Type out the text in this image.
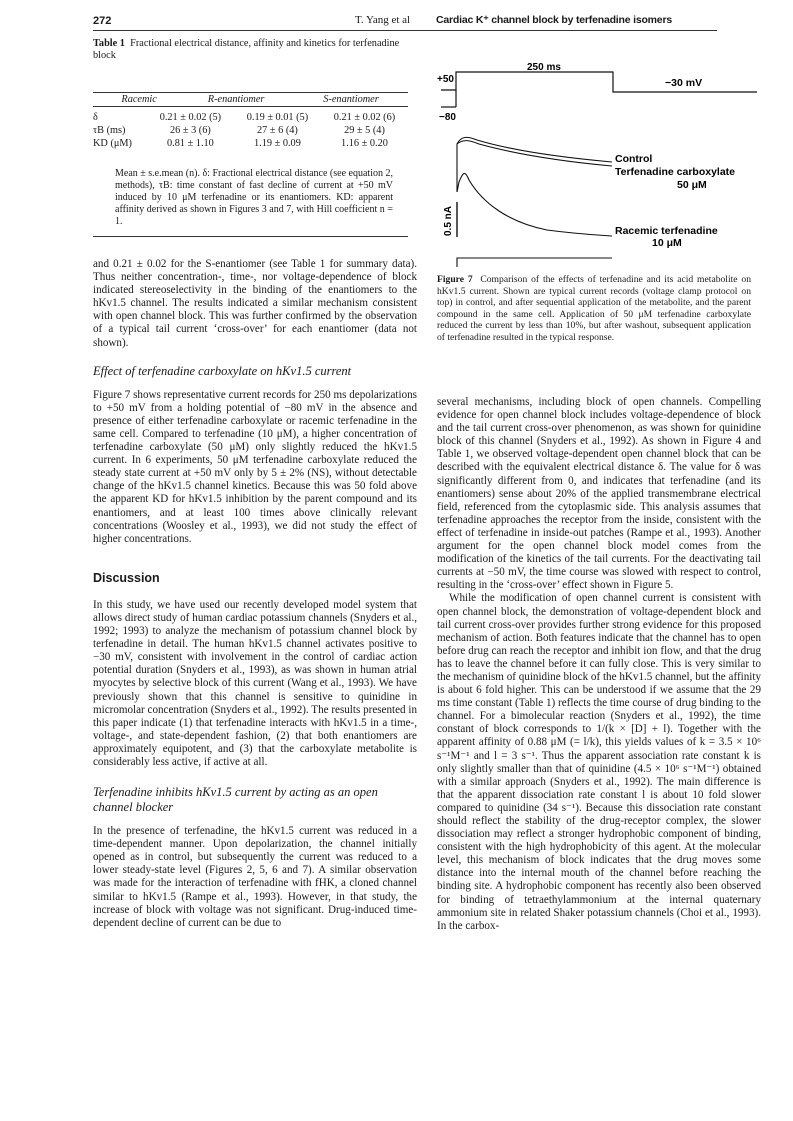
272	T. Yang et al Cardiac K⁺ channel block by terfenadine isomers
Table 1 Fractional electrical distance, affinity and kinetics for terfenadine block
	Racemic	R-enantiomer	S-enantiomer
δ	0.21 ± 0.02 (5)	0.19 ± 0.01 (5)	0.21 ± 0.02 (6)
τB (ms)	26 ± 3 (6)	27 ± 6 (4)	29 ± 5 (4)
KD (μM)	0.81 ± 1.10	1.19 ± 0.09	1.16 ± 0.20
Mean ± s.e.mean (n). δ: Fractional electrical distance (see equation 2, methods), τB: time constant of fast decline of current at +50 mV induced by 10 μM terfenadine or its enantiomers. KD: apparent affinity derived as shown in Figures 3 and 7, with Hill coefficient n = 1.

and 0.21 ± 0.02 for the S-enantiomer (see Table 1 for summary data). Thus neither concentration-, time-, nor voltage-dependence of block indicated stereoselectivity in the binding of the enantiomers to the hKv1.5 channel. The results indicated a similar mechanism consistent with open channel block. This was further confirmed by the observation of a typical tail current ‘cross-over’ for each enantiomer (data not shown).

Effect of terfenadine carboxylate on hKv1.5 current

Figure 7 shows representative current records for 250 ms depolarizations to +50 mV from a holding potential of −80 mV in the absence and presence of either terfenadine carboxylate or racemic terfenadine in the same cell. Compared to terfenadine (10 μM), a higher concentration of terfenadine carboxylate (50 μM) only slightly reduced the hKv1.5 current. In 6 experiments, 50 μM terfenadine carboxylate reduced the steady state current at +50 mV only by 5 ± 2% (NS), without detectable change of the hKv1.5 channel kinetics. Because this was 50 fold above the apparent KD for hKv1.5 inhibition by the parent compound and its enantiomers, and at least 100 times above clinically relevant concentrations (Woosley et al., 1993), we did not study the effect of higher concentrations.

Discussion

In this study, we have used our recently developed model system that allows direct study of human cardiac potassium channels (Snyders et al., 1992; 1993) to analyze the mechanism of potassium channel block by terfenadine in detail. The human hKv1.5 channel activates positive to −30 mV, consistent with involvement in the control of cardiac action potential duration (Snyders et al., 1993), as was shown in human atrial myocytes by selective block of this current (Wang et al., 1993). We have previously shown that this channel is sensitive to quinidine in micromolar concentration (Snyders et al., 1992). The results presented in this paper indicate (1) that terfenadine interacts with hKv1.5 in a time-, voltage-, and state-dependent fashion, (2) that both enantiomers are approximately equipotent, and (3) that the carboxylate metabolite is considerably less active, if active at all.

Terfenadine inhibits hKv1.5 current by acting as an open channel blocker

In the presence of terfenadine, the hKv1.5 current was reduced in a time-dependent manner. Upon depolarization, the channel initially opened as in control, but subsequently the current was reduced to a lower steady-state level (Figures 2, 5, 6 and 7). A similar observation was made for the interaction of terfenadine with fHK, a cloned channel similar to hKv1.5 (Rampe et al., 1993). However, in that study, the increase of block with voltage was not significant. Drug-induced time-dependent decline of current can be due to

250 ms
+50
−80
−30 mV
0.5 nA
Control
Terfenadine carboxylate
50 μM
Racemic terfenadine
10 μM
Figure 7 Comparison of the effects of terfenadine and its acid metabolite on hKv1.5 current. Shown are typical current records (voltage clamp protocol on top) in control, and after sequential application of the metabolite, and the parent compound in the same cell. Application of 50 μM terfenadine carboxylate reduced the current by less than 10%, but after washout, subsequent application of terfenadine resulted in the typical response.

several mechanisms, including block of open channels. Compelling evidence for open channel block includes voltage-dependence of block and the tail current cross-over phenomenon, as was shown for quinidine block of this channel (Snyders et al., 1992). As shown in Figure 4 and Table 1, we observed voltage-dependent open channel block that can be described with the equivalent electrical distance δ. The value for δ was significantly different from 0, and indicates that terfenadine (and its enantiomers) sense about 20% of the applied transmembrane electrical field, referenced from the cytoplasmic side. This analysis assumes that terfenadine approaches the receptor from the inside, consistent with the effect of terfenadine in inside-out patches (Rampe et al., 1993). Another argument for the open channel block model comes from the modification of the kinetics of the tail currents. For the deactivating tail currents at −50 mV, the time course was slowed with respect to control, resulting in the ‘cross-over’ effect shown in Figure 5.

While the modification of open channel current is consistent with open channel block, the demonstration of voltage-dependent block and tail current cross-over provides further strong evidence for this proposed mechanism of action. Both features indicate that the channel has to open before drug can reach the receptor and inhibit ion flow, and that the drug has to leave the channel before it can fully close. This is very similar to the mechanism of quinidine block of the hKv1.5 channel, but the affinity is about 6 fold higher. This can be understood if we assume that the 29 ms time constant (Table 1) reflects the time course of drug binding to the channel. For a bimolecular reaction (Snyders et al., 1992), the time constant of block corresponds to 1/(k × [D] + l). Together with the apparent affinity of 0.88 μM (= l/k), this yields values of k = 3.5 × 10⁶ s⁻¹M⁻¹ and l = 3 s⁻¹. Thus the apparent association rate constant k is only slightly smaller than that of quinidine (4.5 × 10⁶ s⁻¹M⁻¹) obtained with a similar approach (Snyders et al., 1992). The main difference is that the apparent dissociation rate constant l is about 10 fold slower compared to quinidine (34 s⁻¹). Because this dissociation rate constant should reflect the stability of the drug-receptor complex, the slower dissociation may reflect a stronger hydrophobic component of binding, consistent with the high hydrophobicity of this agent. At the molecular level, this mechanism of block indicates that the drug moves some distance into the internal mouth of the channel before reaching the binding site. A hydrophobic component has recently also been observed for binding of tetraethylammonium at the internal quaternary ammonium site in related Shaker potassium channels (Choi et al., 1993). In the carbox-
